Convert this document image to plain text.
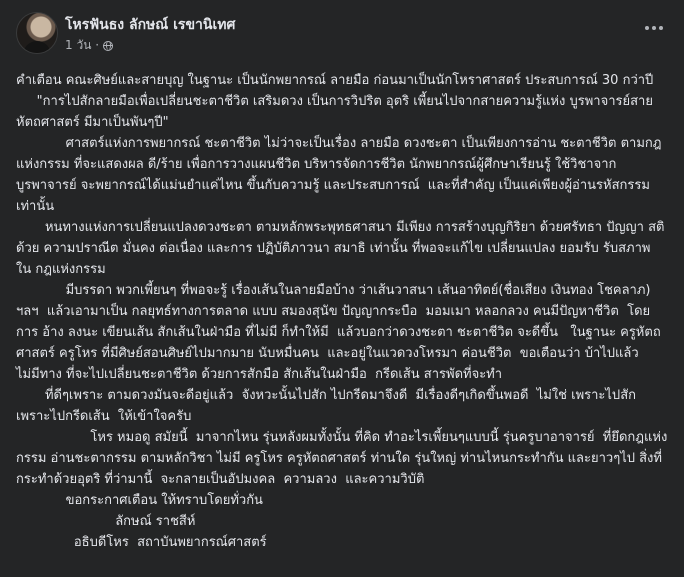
โหรฟันธง ลักษณ์ เรขานิเทศ
1 วัน ·

คำเตือน คณะศิษย์และสายบุญ ในฐานะ เป็นนักพยากรณ์ ลายมือ ก่อนมาเป็นนักโหราศาสตร์ ประสบการณ์ 30 กว่าปี

"การไปสักลายมือเพื่อเปลี่ยนชะตาชีวิต เสริมดวง เป็นการวิปริต อุตริ เพี้ยนไปจากสายความรู้แห่ง บูรพาจารย์สายหัตถศาสตร์ มีมาเป็นพันๆปี"

ศาสตร์แห่งการพยากรณ์ ชะตาชีวิต ไม่ว่าจะเป็นเรื่อง ลายมือ ดวงชะตา เป็นเพียงการอ่าน ชะตาชีวิต ตามกฎแห่งกรรม ที่จะแสดงผล ดี/ร้าย เพื่อการวางแผนชีวิต บริหารจัดการชีวิต นักพยากรณ์ผู้ศึกษาเรียนรู้ ใช้วิชาจากบูรพาจารย์ จะพยากรณ์ได้แม่นยำแค่ไหน ขึ้นกับความรู้ และประสบการณ์  และที่สำคัญ เป็นแค่เพียงผู้อ่านรหัสกรรม เท่านั้น

หนทางแห่งการเปลี่ยนแปลงดวงชะตา ตามหลักพระพุทธศาสนา มีเพียง การสร้างบุญกิริยา ด้วยศรัทธา ปัญญา สติ  ด้วย ความปราณีต มั่นคง ต่อเนื่อง และการ ปฏิบัติภาวนา สมาธิ เท่านั้น ที่พอจะแก้ไข เปลี่ยนแปลง ยอมรับ รับสภาพ ใน กฎแห่งกรรม

มีบรรดา พวกเพี้ยนๆ ที่พอจะรู้ เรื่องเส้นในลายมือบ้าง ว่าเส้นวาสนา เส้นอาทิตย์(ชื่อเสียง เงินทอง โชคลาภ)  ฯลฯ  แล้วเอามาเป็น กลยุทธ์ทางการตลาด แบบ สมองสุนัข ปัญญากระบือ  มอมเมา หลอกลวง คนมีปัญหาชีวิต  โดย การ อ้าง ลงนะ เขียนเส้น สักเส้นในฝ่ามือ ที่ไม่มี ก็ทำให้มี  แล้วบอกว่าดวงชะตา ชะตาชีวิต จะดีขึ้น   ในฐานะ ครูหัตถศาสตร์ ครูโหร ที่มีศิษย์สอนศิษย์ไปมากมาย นับหมื่นคน  และอยู่ในแวดวงโหรมา ค่อนชีวิต  ขอเตือนว่า บ้าไปแล้ว  ไม่มีทาง ที่จะไปเปลี่ยนชะตาชีวิต ด้วยการสักมือ สักเส้นในฝ่ามือ  กรีดเส้น สารพัดที่จะทำ

ที่ดีๆเพราะ ตามดวงมันจะดีอยู่แล้ว  จังหวะนั้นไปสัก ไปกรีดมาจึงดี  มีเรื่องดีๆเกิดขึ้นพอดี  ไม่ใช่ เพราะไปสักเพราะไปกรีดเส้น  ให้เข้าใจครับ

โหร หมอดู สมัยนี้  มาจากไหน รุ่นหลังผมทั้งนั้น ที่คิด ทำอะไรเพี้ยนๆแบบนี้ รุ่นครูบาอาจารย์  ที่ยึดกฎแห่งกรรม อ่านชะตากรรม ตามหลักวิชา ไม่มี ครูโหร ครูหัตถศาสตร์ ท่านใด รุ่นใหญ่ ท่านไหนกระทำกัน และยาวๆไป สิ่งที่กระทำด้วยอุตริ ที่ว่ามานี้  จะกลายเป็นอัปมงคล  ความลวง  และความวิบัติ

ขอกระกาศเตือน ให้ทราบโดยทั่วกัน

ลักษณ์ ราชสีห์

อธิบดีโหร  สถาบันพยากรณ์ศาสตร์
